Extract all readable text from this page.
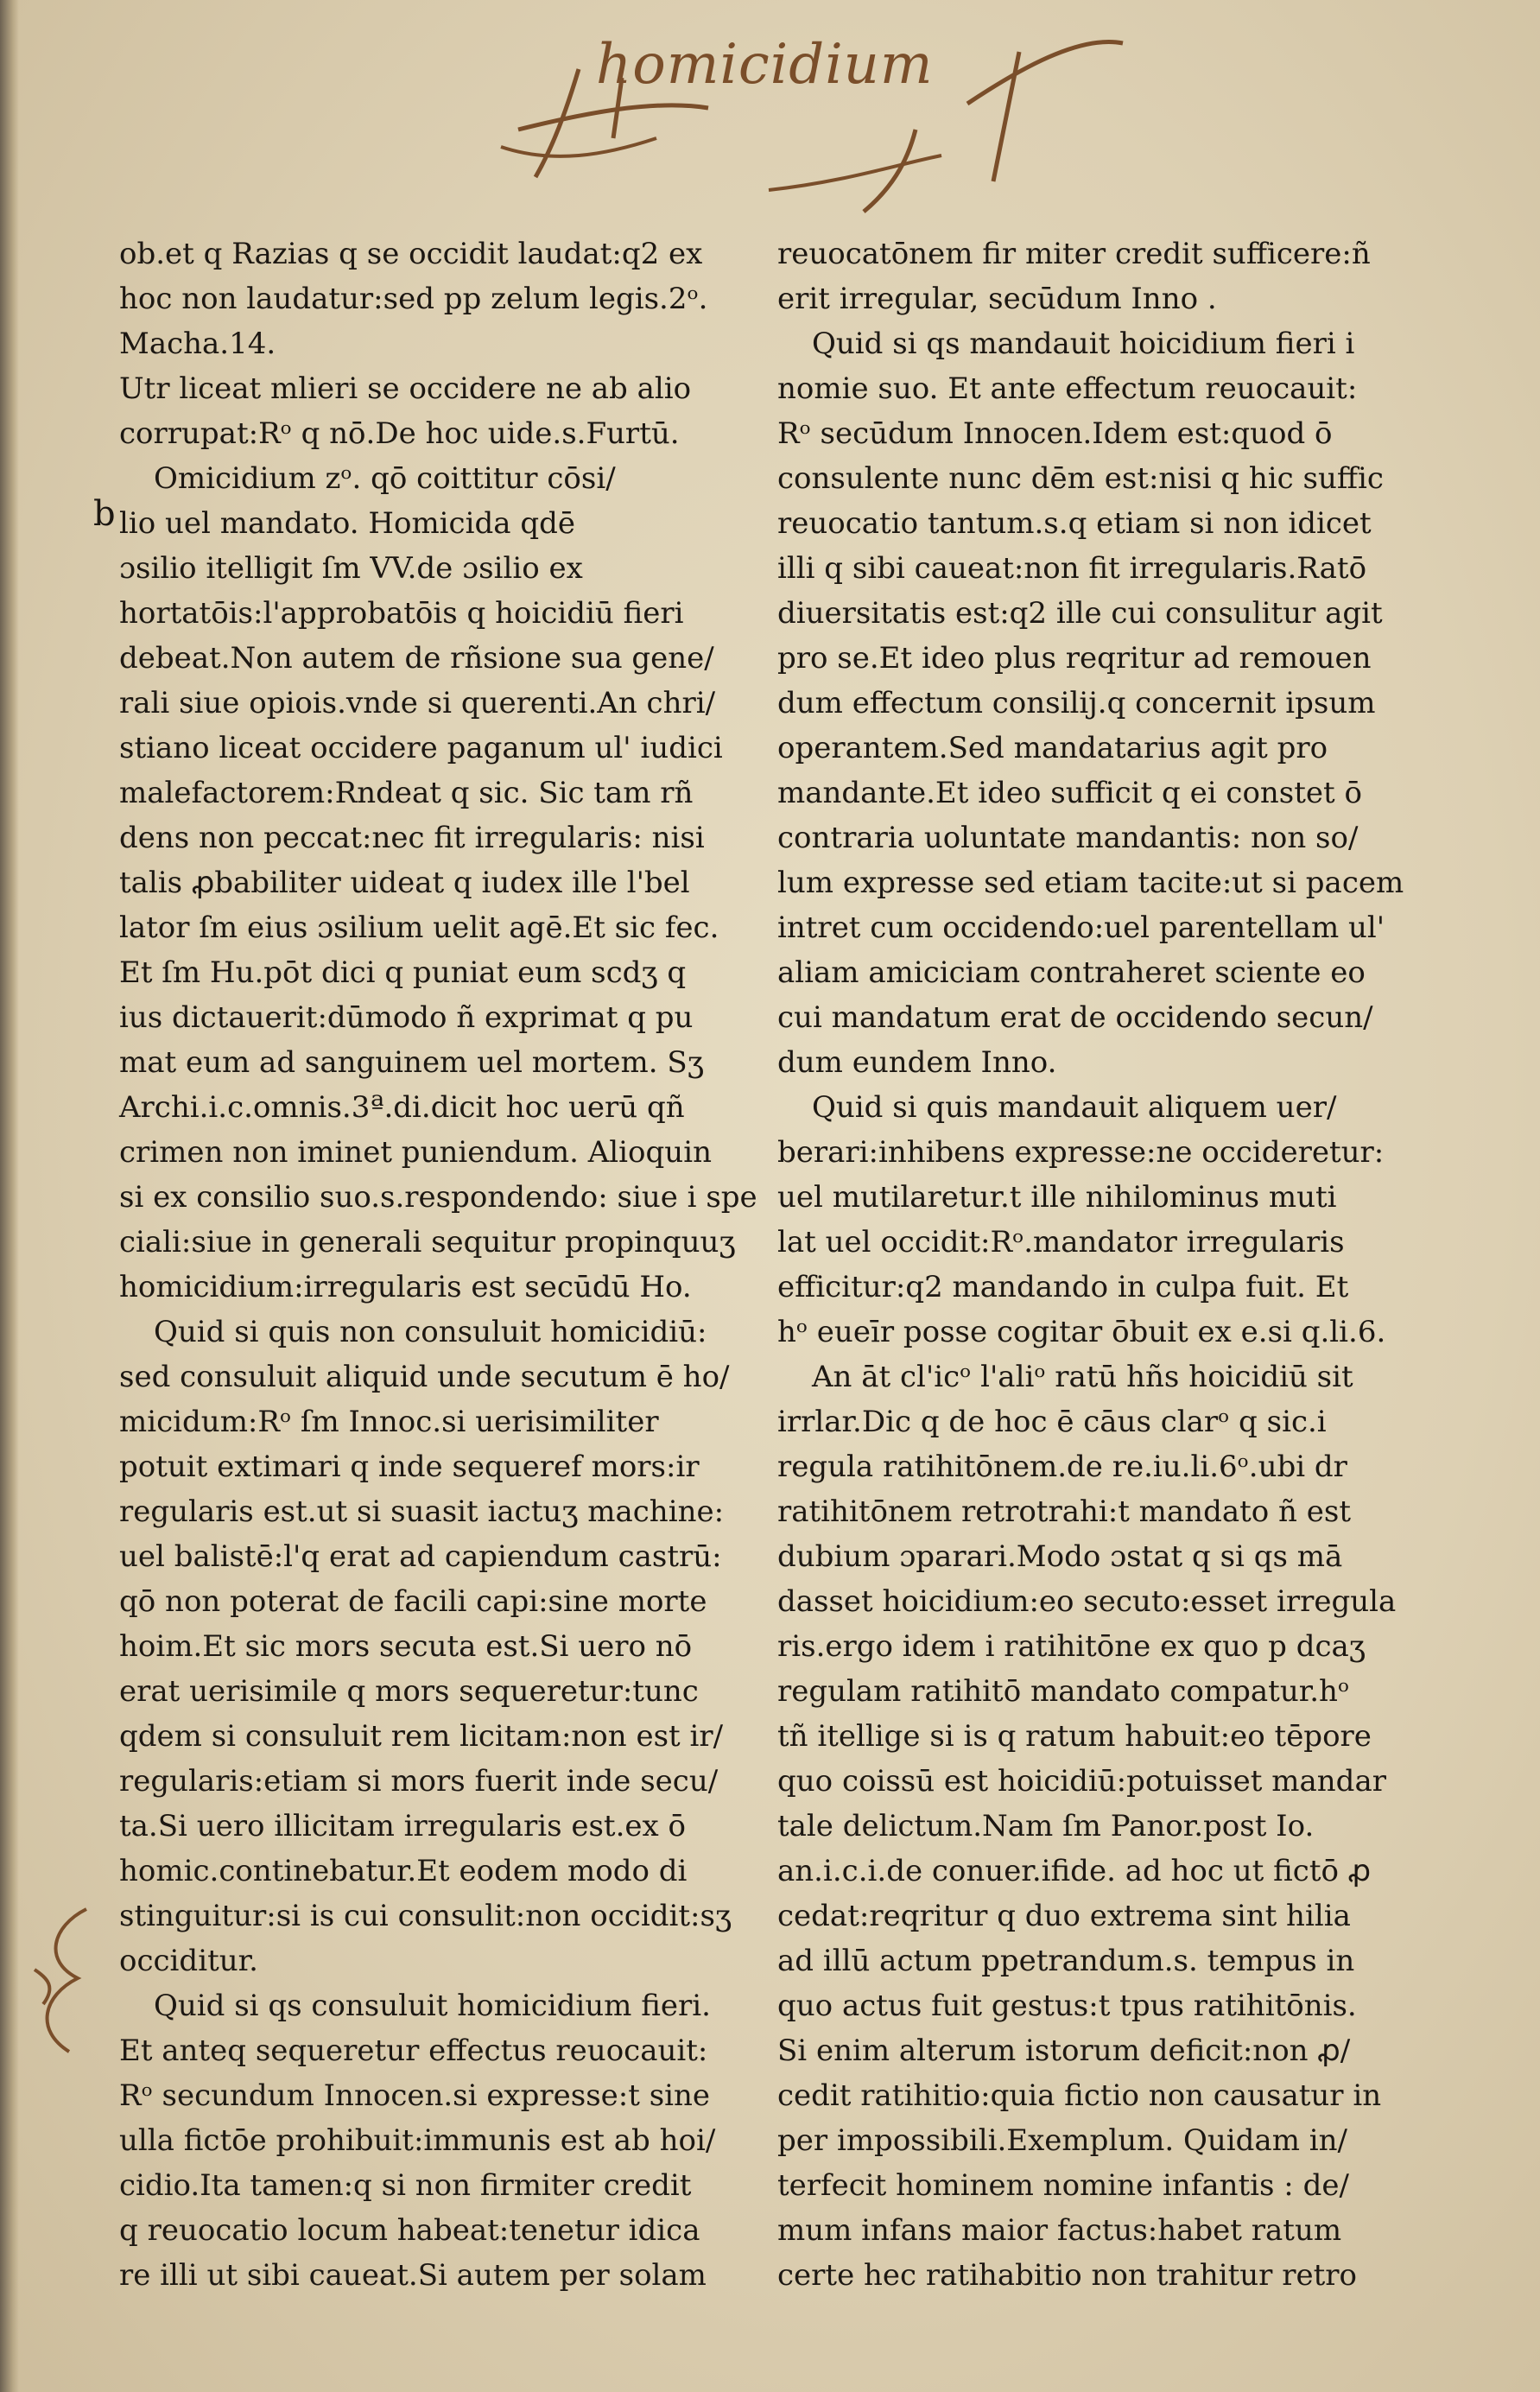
homicidium
b
ob.et q Razias q se occidit laudat:q2 ex
hoc non laudatur:sed pp zelum legis.2ᵒ.
Macha.14.
Utr liceat mlieri se occidere ne ab alio
corrupat:Rᵒ q nō.De hoc uide.s.Furtū.
Omicidium zᵒ. qō coittitur cōsi/
lio uel mandato. Homicida qdē
ɔsilio itelligit ſm VV.de ɔsilio ex
hortatōis:l'approbatōis q hoicidiū fieri
debeat.Non autem de rñsione sua gene/
rali siue opiois.vnde si querenti.An chri/
stiano liceat occidere paganum ul' iudici
malefactorem:Rndeat q sic. Sic tam rñ
dens non peccat:nec fit irregularis: nisi
talis ꝓbabiliter uideat q iudex ille l'bel
lator ſm eius ɔsilium uelit agē.Et sic fec.
Et ſm Hu.pōt dici q puniat eum scdʒ q
ius dictauerit:dūmodo ñ exprimat q pu
mat eum ad sanguinem uel mortem. Sʒ
Archi.i.c.omnis.3ª.di.dicit hoc uerū qñ
crimen non iminet puniendum. Alioquin
si ex consilio suo.s.respondendo: siue i spe
ciali:siue in generali sequitur propinquuʒ
homicidium:irregularis est secūdū Ho.
Quid si quis non consuluit homicidiū:
sed consuluit aliquid unde secutum ē ho/
micidum:Rᵒ ſm Innoc.si uerisimiliter
potuit extimari q inde sequeref mors:ir
regularis est.ut si suasit iactuʒ machine:
uel balistē:l'q erat ad capiendum castrū:
qō non poterat de facili capi:sine morte
hoim.Et sic mors secuta est.Si uero nō
erat uerisimile q mors sequeretur:tunc
qdem si consuluit rem licitam:non est ir/
regularis:etiam si mors fuerit inde secu/
ta.Si uero illicitam irregularis est.ex ō
homic.continebatur.Et eodem modo di
stinguitur:si is cui consulit:non occidit:sʒ
occiditur.
Quid si qs consuluit homicidium fieri.
Et anteq sequeretur effectus reuocauit:
Rᵒ secundum Innocen.si expresse:t sine
ulla fictōe prohibuit:immunis est ab hoi/
cidio.Ita tamen:q si non firmiter credit
q reuocatio locum habeat:tenetur idica
re illi ut sibi caueat.Si autem per solam
reuocatōnem fir miter credit sufficere:ñ
erit irregular, secūdum Inno .
Quid si qs mandauit hoicidium fieri i
nomie suo. Et ante effectum reuocauit:
Rᵒ secūdum Innocen.Idem est:quod ō
consulente nunc dēm est:nisi q hic suffic
reuocatio tantum.s.q etiam si non idicet
illi q sibi caueat:non fit irregularis.Ratō
diuersitatis est:q2 ille cui consulitur agit
pro se.Et ideo plus reqritur ad remouen
dum effectum consilij.q concernit ipsum
operantem.Sed mandatarius agit pro
mandante.Et ideo sufficit q ei constet ō
contraria uoluntate mandantis: non so/
lum expresse sed etiam tacite:ut si pacem
intret cum occidendo:uel parentellam ul'
aliam amiciciam contraheret sciente eo
cui mandatum erat de occidendo secun/
dum eundem Inno.
Quid si quis mandauit aliquem uer/
berari:inhibens expresse:ne occideretur:
uel mutilaretur.t ille nihilominus muti
lat uel occidit:Rᵒ.mandator irregularis
efficitur:q2 mandando in culpa fuit. Et
hᵒ eueīr posse cogitar ōbuit ex e.si q.li.6.
An āt cl'icᵒ l'aliᵒ ratū hñs hoicidiū sit
irrlar.Dic q de hoc ē cāus clarᵒ q sic.i
regula ratihitōnem.de re.iu.li.6ᵒ.ubi dr
ratihitōnem retrotrahi:t mandato ñ est
dubium ɔparari.Modo ɔstat q si qs mā
dasset hoicidium:eo secuto:esset irregula
ris.ergo idem i ratihitōne ex quo p dcaʒ
regulam ratihitō mandato compatur.hᵒ
tñ itellige si is q ratum habuit:eo tēpore
quo coissū est hoicidiū:potuisset mandar
tale delictum.Nam ſm Panor.post Io.
an.i.c.i.de conuer.ifide. ad hoc ut fictō ꝓ
cedat:reqritur q duo extrema sint hilia
ad illū actum ppetrandum.s. tempus in
quo actus fuit gestus:t tpus ratihitōnis.
Si enim alterum istorum deficit:non ꝓ/
cedit ratihitio:quia fictio non causatur in
per impossibili.Exemplum. Quidam in/
terfecit hominem nomine infantis : de/
mum infans maior factus:habet ratum
certe hec ratihabitio non trahitur retro
